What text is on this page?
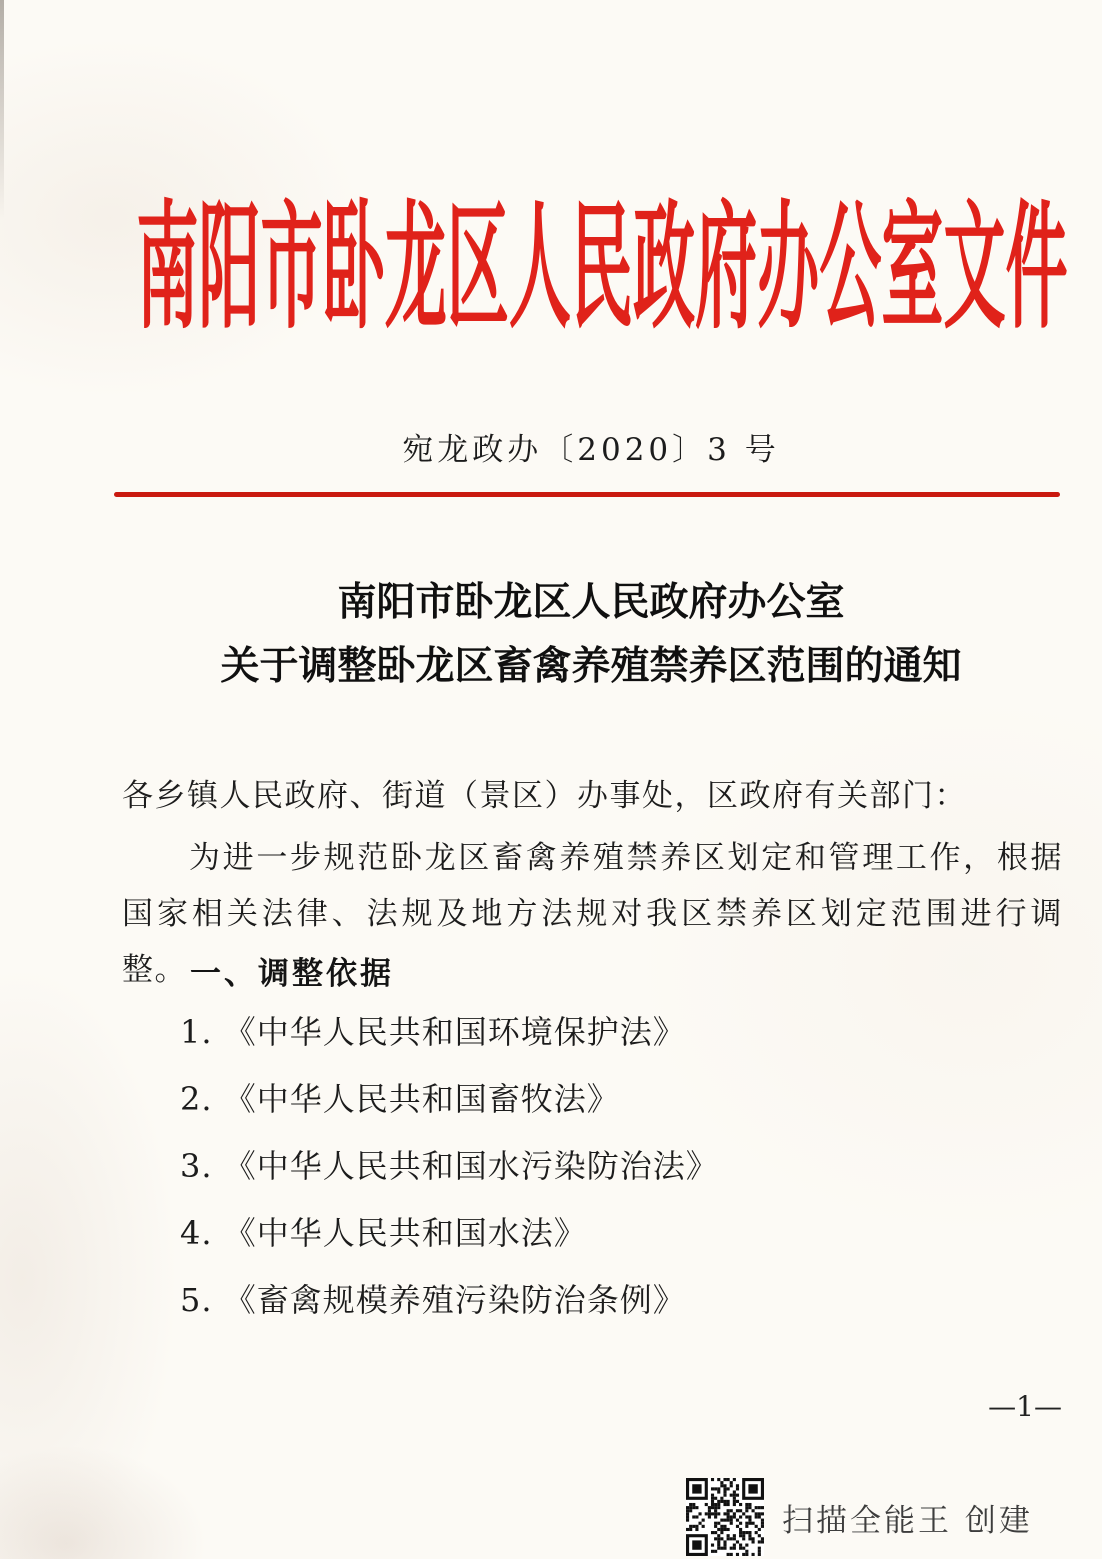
南阳市卧龙区人民政府办公室文件
宛龙政办〔2020〕3 号
南阳市卧龙区人民政府办公室
关于调整卧龙区畜禽养殖禁养区范围的通知
各乡镇人民政府、街道（景区）办事处，区政府有关部门：
为进一步规范卧龙区畜禽养殖禁养区划定和管理工作，根据国家相关法律、法规及地方法规对我区禁养区划定范围进行调整。 一、调整依据
1. 《中华人民共和国环境保护法》
2. 《中华人民共和国畜牧法》
3. 《中华人民共和国水污染防治法》
4. 《中华人民共和国水法》
5. 《畜禽规模养殖污染防治条例》
—1—
扫描全能王 创建
